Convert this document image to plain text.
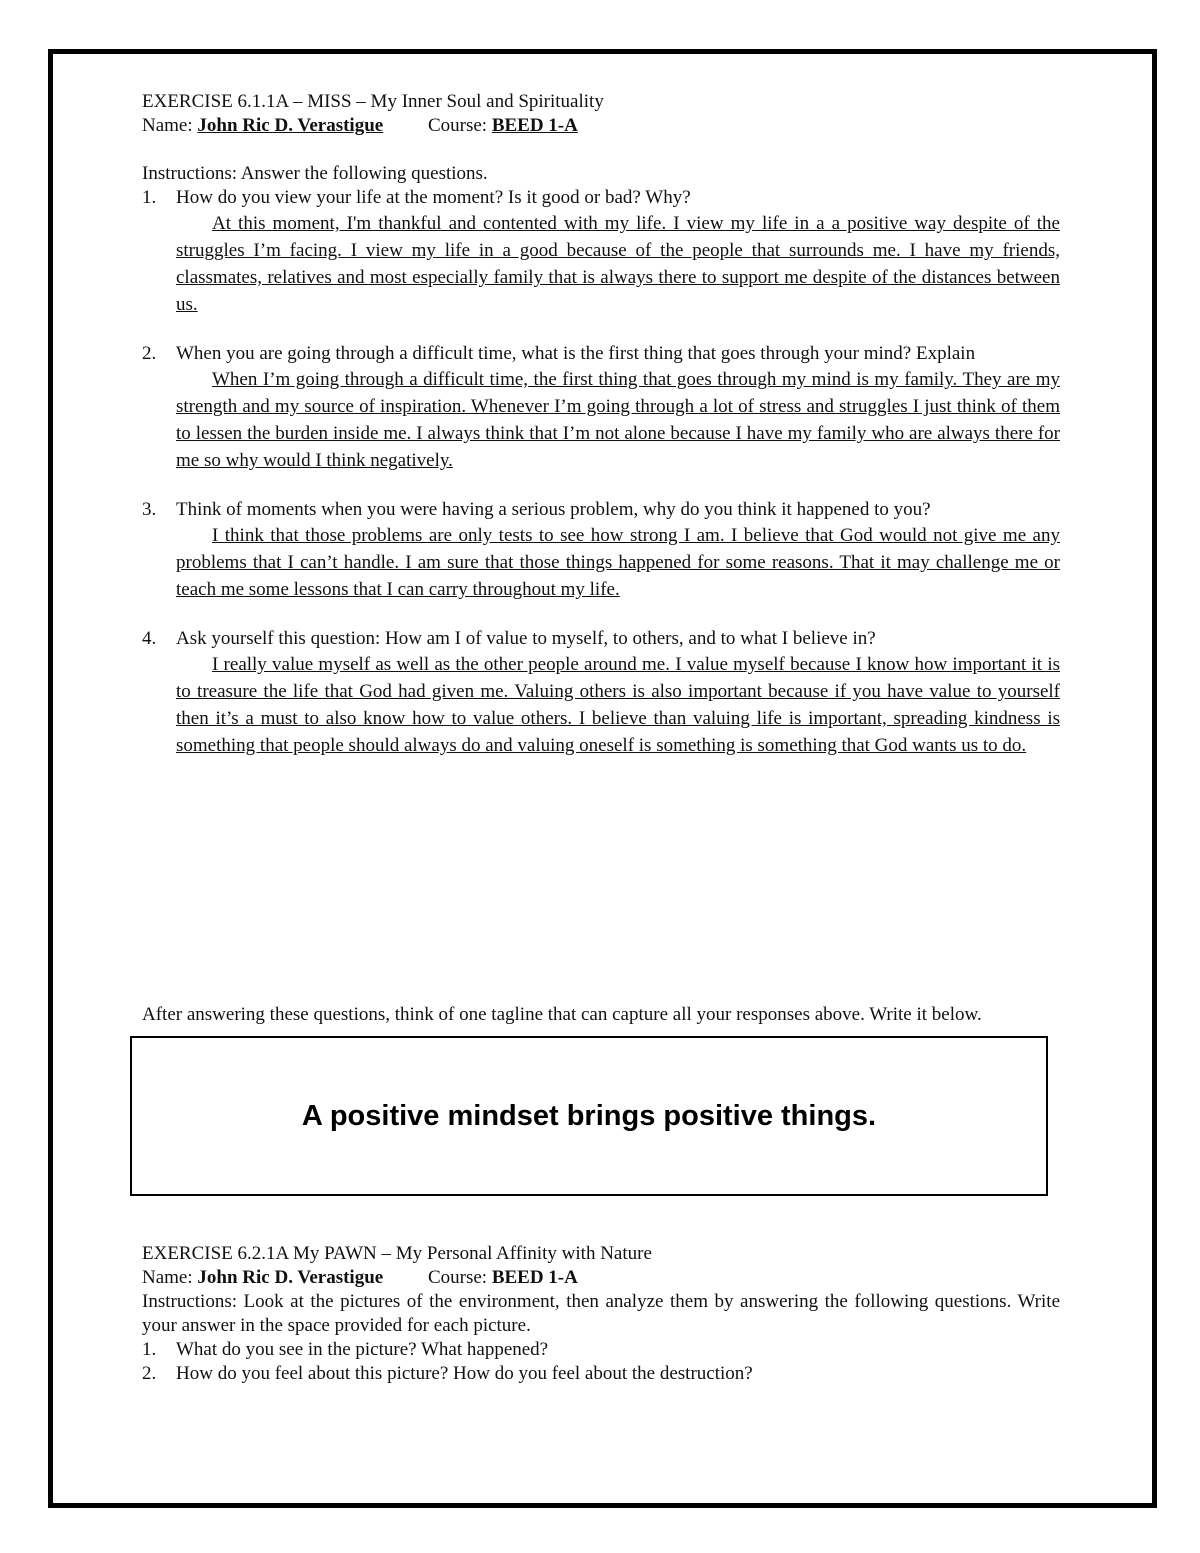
EXERCISE 6.1.1A – MISS – My Inner Soul and Spirituality

Name: John Ric D. Verastigue Course: BEED 1-A

Instructions: Answer the following questions.

1.	How do you view your life at the moment? Is it good or bad? Why?

At this moment, I'm thankful and contented with my life. I view my life in a a positive way despite of the struggles I’m facing. I view my life in a good because of the people that surrounds me. I have my friends, classmates, relatives and most especially family that is always there to support me despite of the distances between us.

2.	When you are going through a difficult time, what is the first thing that goes through your mind? Explain

When I’m going through a difficult time, the first thing that goes through my mind is my family. They are my strength and my source of inspiration. Whenever I’m going through a lot of stress and struggles I just think of them to lessen the burden inside me. I always think that I’m not alone because I have my family who are always there for me so why would I think negatively.

3.	Think of moments when you were having a serious problem, why do you think it happened to you?

I think that those problems are only tests to see how strong I am. I believe that God would not give me any problems that I can’t handle. I am sure that those things happened for some reasons. That it may challenge me or teach me some lessons that I can carry throughout my life.

4.	Ask yourself this question: How am I of value to myself, to others, and to what I believe in?

I really value myself as well as the other people around me. I value myself because I know how important it is to treasure the life that God had given me. Valuing others is also important because if you have value to yourself then it’s a must to also know how to value others. I believe than valuing life is important, spreading kindness is something that people should always do and valuing oneself is something is something that God wants us to do.

After answering these questions, think of one tagline that can capture all your responses above. Write it below.

A positive mindset brings positive things.

EXERCISE 6.2.1A My PAWN – My Personal Affinity with Nature

Name: John Ric D. Verastigue Course: BEED 1-A

Instructions: Look at the pictures of the environment, then analyze them by answering the following questions. Write your answer in the space provided for each picture.

1.	What do you see in the picture? What happened?
2.	How do you feel about this picture? How do you feel about the destruction?
